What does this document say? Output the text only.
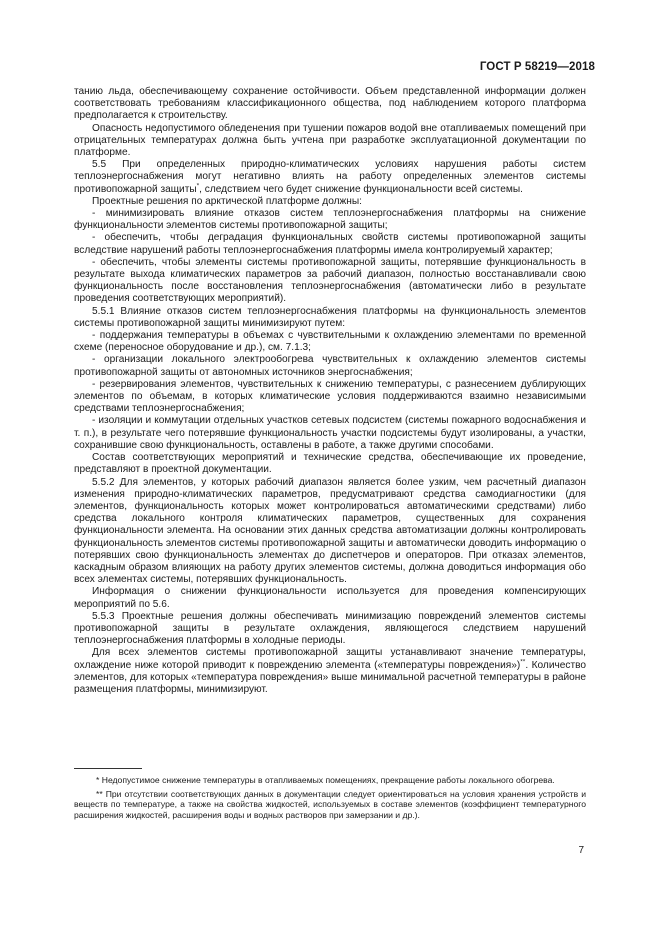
ГОСТ Р 58219—2018

танию льда, обеспечивающему сохранение остойчивости. Объем представленной информации должен соответствовать требованиям классификационного общества, под наблюдением которого платформа предполагается к строительству.

Опасность недопустимого обледенения при тушении пожаров водой вне отапливаемых помещений при отрицательных температурах должна быть учтена при разработке эксплуатационной документации по платформе.

5.5 При определенных природно-климатических условиях нарушения работы систем теплоэнергоснабжения могут негативно влиять на работу определенных элементов системы противопожарной защиты*, следствием чего будет снижение функциональности всей системы.

Проектные решения по арктической платформе должны:

- минимизировать влияние отказов систем теплоэнергоснабжения платформы на снижение функциональности элементов системы противопожарной защиты;

- обеспечить, чтобы деградация функциональных свойств системы противопожарной защиты вследствие нарушений работы теплоэнергоснабжения платформы имела контролируемый характер;

- обеспечить, чтобы элементы системы противопожарной защиты, потерявшие функциональность в результате выхода климатических параметров за рабочий диапазон, полностью восстанавливали свою функциональность после восстановления теплоэнергоснабжения (автоматически либо в результате проведения соответствующих мероприятий).

5.5.1 Влияние отказов систем теплоэнергоснабжения платформы на функциональность элементов системы противопожарной защиты минимизируют путем:

- поддержания температуры в объемах с чувствительными к охлаждению элементами по временной схеме (переносное оборудование и др.), см. 7.1.3;

- организации локального электрообогрева чувствительных к охлаждению элементов системы противопожарной защиты от автономных источников энергоснабжения;

- резервирования элементов, чувствительных к снижению температуры, с разнесением дублирующих элементов по объемам, в которых климатические условия поддерживаются взаимно независимыми средствами теплоэнергоснабжения;

- изоляции и коммутации отдельных участков сетевых подсистем (системы пожарного водоснабжения и т. п.), в результате чего потерявшие функциональность участки подсистемы будут изолированы, а участки, сохранившие свою функциональность, оставлены в работе, а также другими способами.

Состав соответствующих мероприятий и технические средства, обеспечивающие их проведение, представляют в проектной документации.

5.5.2 Для элементов, у которых рабочий диапазон является более узким, чем расчетный диапазон изменения природно-климатических параметров, предусматривают средства самодиагностики (для элементов, функциональность которых может контролироваться автоматическими средствами) либо средства локального контроля климатических параметров, существенных для сохранения функциональности элемента. На основании этих данных средства автоматизации должны контролировать функциональность элементов системы противопожарной защиты и автоматически доводить информацию о потерявших свою функциональность элементах до диспетчеров и операторов. При отказах элементов, каскадным образом влияющих на работу других элементов системы, должна доводиться информация обо всех элементах системы, потерявших функциональность.

Информация о снижении функциональности используется для проведения компенсирующих мероприятий по 5.6.

5.5.3 Проектные решения должны обеспечивать минимизацию повреждений элементов системы противопожарной защиты в результате охлаждения, являющегося следствием нарушений теплоэнергоснабжения платформы в холодные периоды.

Для всех элементов системы противопожарной защиты устанавливают значение температуры, охлаждение ниже которой приводит к повреждению элемента («температуры повреждения»)**. Количество элементов, для которых «температура повреждения» выше минимальной расчетной температуры в районе размещения платформы, минимизируют.

* Недопустимое снижение температуры в отапливаемых помещениях, прекращение работы локального обогрева.

** При отсутствии соответствующих данных в документации следует ориентироваться на условия хранения устройств и веществ по температуре, а также на свойства жидкостей, используемых в составе элементов (коэффициент температурного расширения жидкостей, расширения воды и водных растворов при замерзании и др.).

7
